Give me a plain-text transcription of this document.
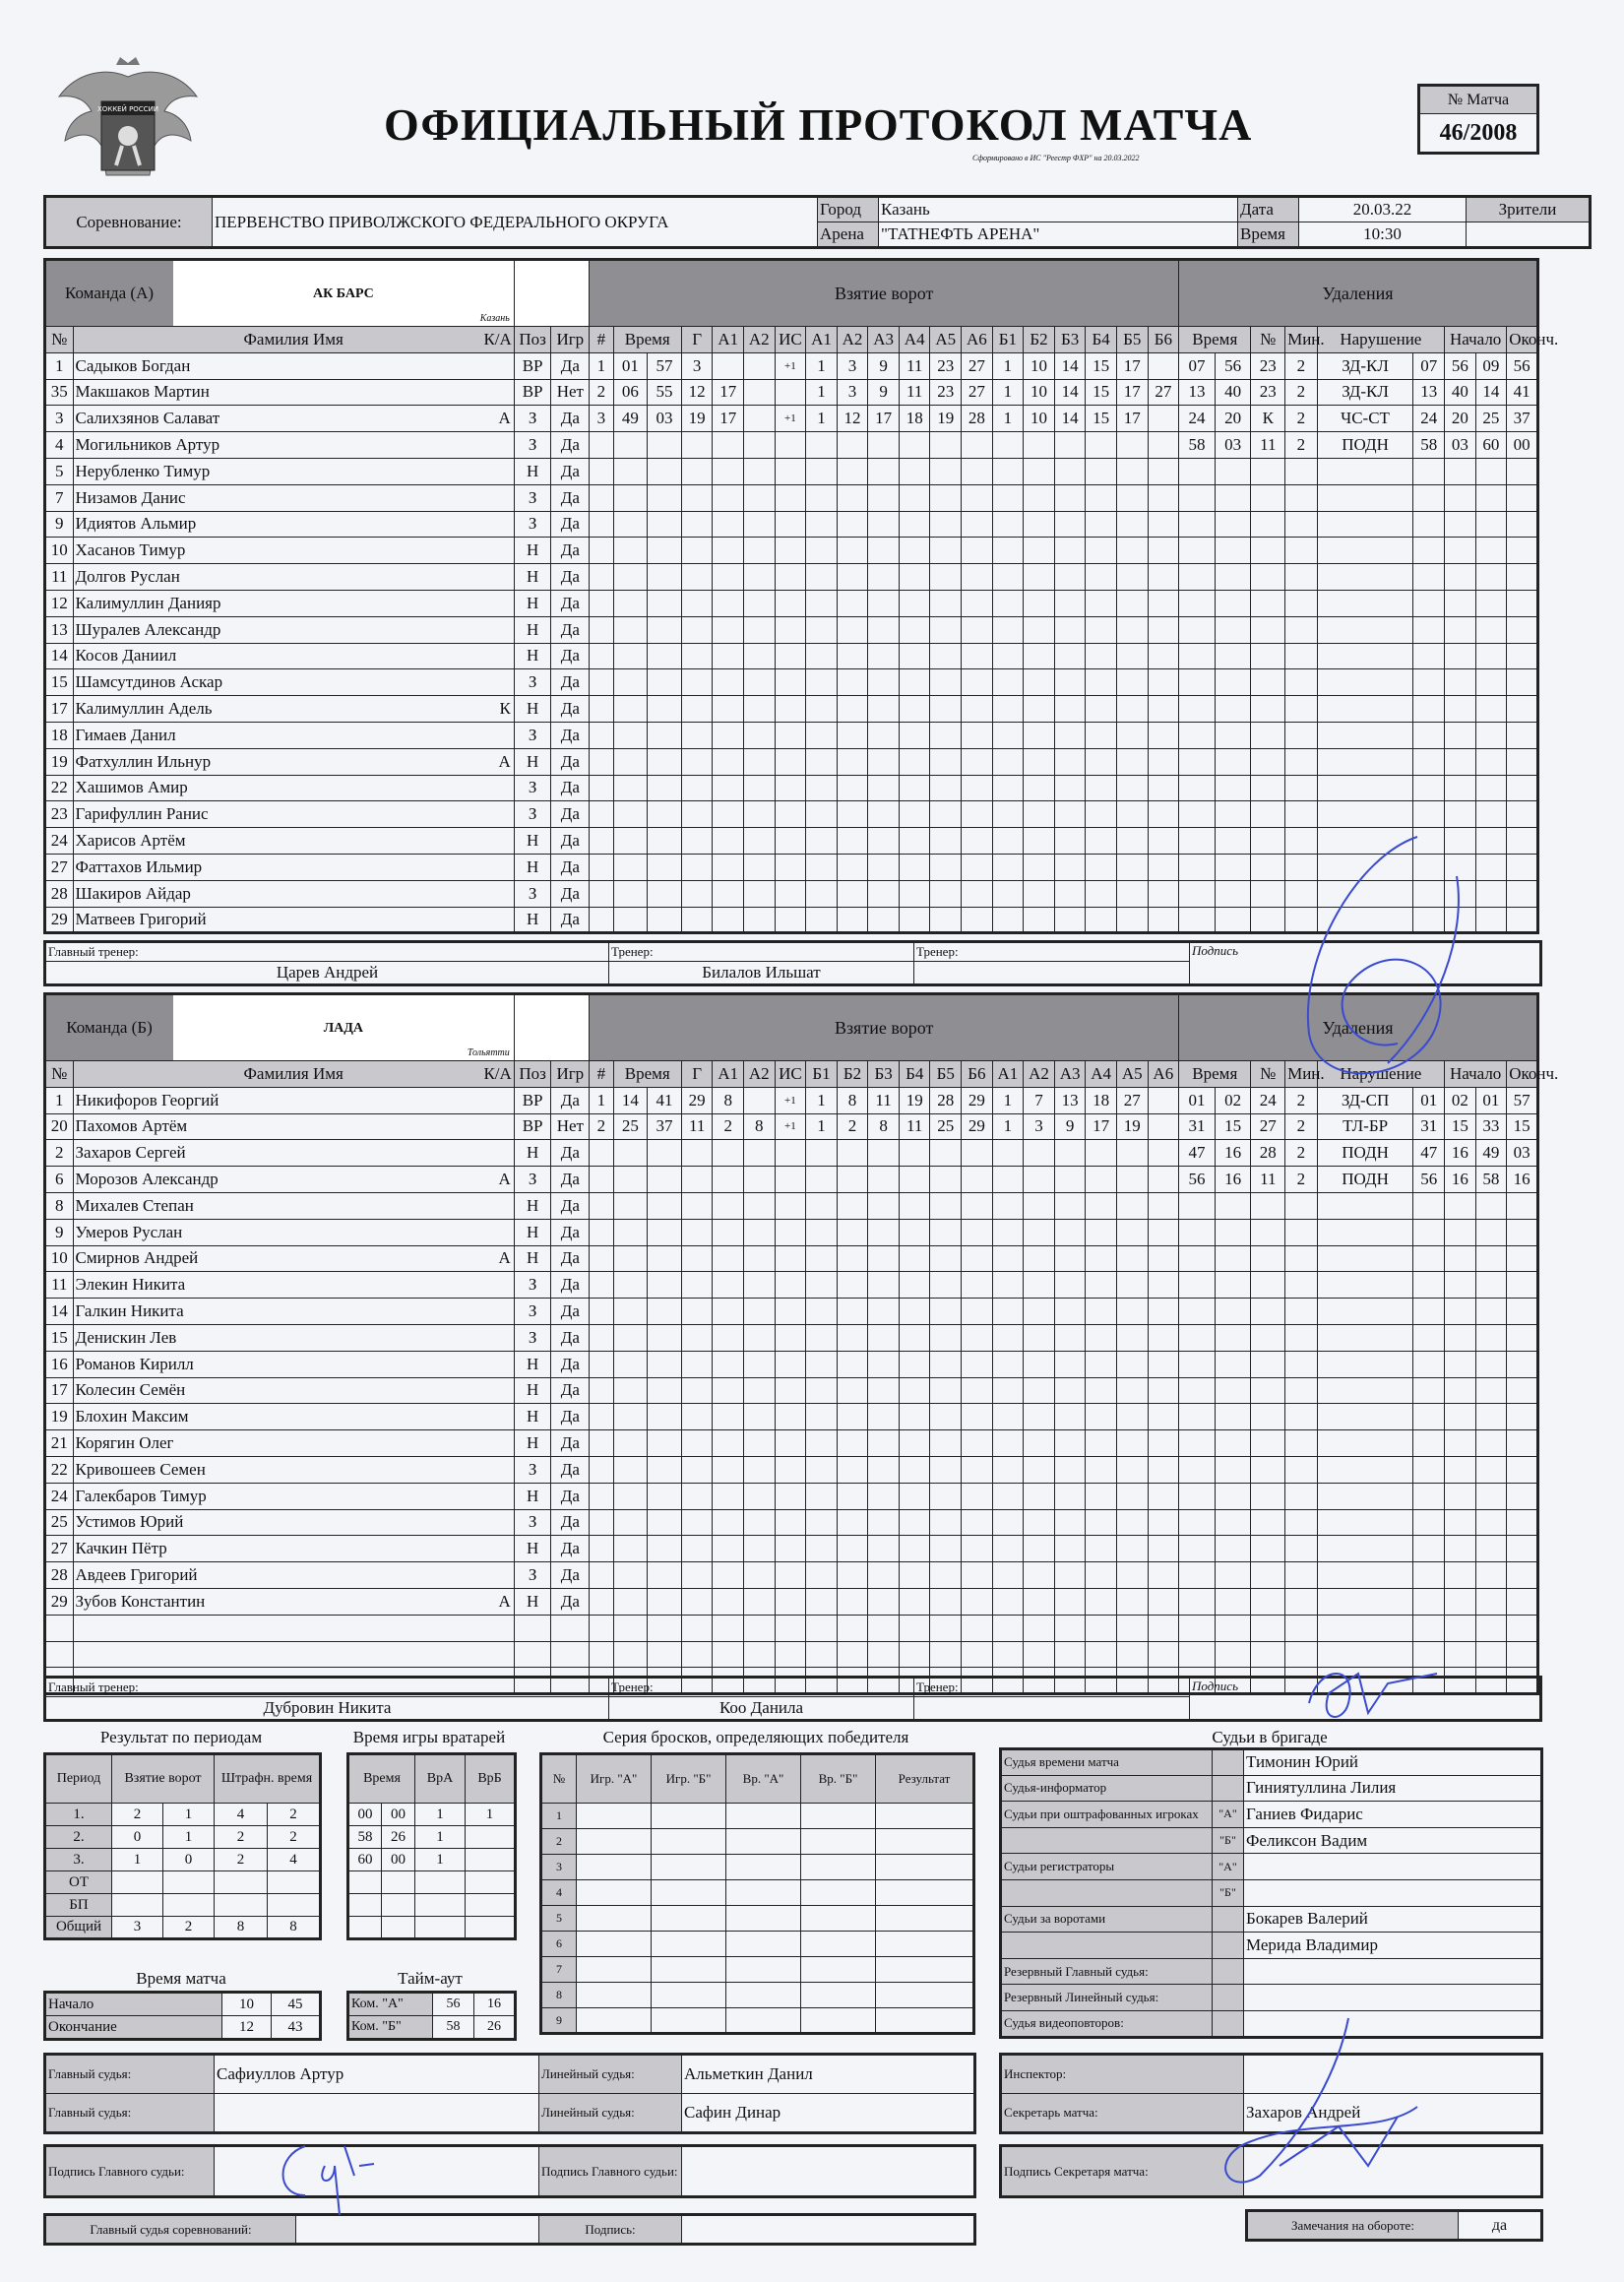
ХОККЕЙ РОССИИ	ОФИЦИАЛЬНЫЙ ПРОТОКОЛ МАТЧА
Сформировано в ИС "Реестр ФХР" на 20.03.2022
№ Матча
46/2008
Соревнование:	ПЕРВЕНСТВО ПРИВОЛЖСКОГО ФЕДЕРАЛЬНОГО ОКРУГА	Город	Казань	Дата	20.03.22	Зрители
		Арена	"ТАТНЕФТЬ АРЕНА"	Время	10:30	

Команда (А) АК БАРС
Казань			Взятие ворот																			Удаления								
№	Фамилия Имя К/А	Поз	Игр	#	Время		Г	А1	А2	ИС	А1	А2	А3	А4	А5	А6	Б1	Б2	Б3	Б4	Б5	Б6	Время		№	Мин.	Нарушение		Начало		Оконч.
1	Садыков Богдан	ВР	Да	1	01	57	3			+1	1	3	9	11	23	27	1	10	14	15	17		07	56	23	2	ЗД-КЛ	07	56	09	56
35	Макшаков Мартин	ВР	Нет	2	06	55	12	17			1	3	9	11	23	27	1	10	14	15	17	27	13	40	23	2	ЗД-КЛ	13	40	14	41
3	Салихзянов Салават А	З	Да	3	49	03	19	17		+1	1	12	17	18	19	28	1	10	14	15	17		24	20	К	2	ЧС-СТ	24	20	25	37
4	Могильников Артур	З	Да																				58	03	11	2	ПОДН	58	03	60	00
5	Нерубленко Тимур	Н	Да																												
7	Низамов Данис	З	Да																												
9	Идиятов Альмир	З	Да																												
10	Хасанов Тимур	Н	Да																												
11	Долгов Руслан	Н	Да																												
12	Калимуллин Данияр	Н	Да																												
13	Шуралев Александр	Н	Да																												
14	Косов Даниил	Н	Да																												
15	Шамсутдинов Аскар	З	Да																												
17	Калимуллин Адель К	Н	Да																												
18	Гимаев Данил	З	Да																												
19	Фатхуллин Ильнур А	Н	Да																												
22	Хашимов Амир	З	Да																												
23	Гарифуллин Ранис	З	Да																												
24	Харисов Артём	Н	Да																												
27	Фаттахов Ильмир	Н	Да																												
28	Шакиров Айдар	З	Да																												
29	Матвеев Григорий	Н	Да																												
Главный тренер:	Тренер:	Тренер:	Подпись
Царев Андрей	Билалов Ильшат		

Команда (Б) ЛАДА
Тольятти			Взятие ворот																			Удаления								
№	Фамилия Имя К/А	Поз	Игр	#	Время		Г	А1	А2	ИС	Б1	Б2	Б3	Б4	Б5	Б6	А1	А2	А3	А4	А5	А6	Время		№	Мин.	Нарушение		Начало		Оконч.
1	Никифоров Георгий	ВР	Да	1	14	41	29	8		+1	1	8	11	19	28	29	1	7	13	18	27		01	02	24	2	ЗД-СП	01	02	01	57
20	Пахомов Артём	ВР	Нет	2	25	37	11	2	8	+1	1	2	8	11	25	29	1	3	9	17	19		31	15	27	2	ТЛ-БР	31	15	33	15
2	Захаров Сергей	Н	Да																				47	16	28	2	ПОДН	47	16	49	03
6	Морозов Александр А	З	Да																				56	16	11	2	ПОДН	56	16	58	16
8	Михалев Степан	Н	Да																												
9	Умеров Руслан	Н	Да																												
10	Смирнов Андрей А	Н	Да																												
11	Элекин Никита	З	Да																												
14	Галкин Никита	З	Да																												
15	Денискин Лев	З	Да																												
16	Романов Кирилл	Н	Да																												
17	Колесин Семён	Н	Да																												
19	Блохин Максим	Н	Да																												
21	Корягин Олег	Н	Да																												
22	Кривошеев Семен	З	Да																												
24	Галекбаров Тимур	Н	Да																												
25	Устимов Юрий	З	Да																												
27	Качкин Пётр	Н	Да																												
28	Авдеев Григорий	З	Да																												
29	Зубов Константин А	Н	Да																												

Главный тренер:	Тренер:	Тренер:	Подпись
Дубровин Никита	Коо Данила		
Результат по периодам
Период	Взятие ворот		Штрафн. время	
1.	2	1	4	2
2.	0	1	2	2
3.	1	0	2	4
ОТ				
БП				
Общий	3	2	8	8
Время игры вратарей
Время		ВрА	ВрБ
00	00	1	1
58	26	1	
60	00	1	

Время матча
Начало	10	45
Окончание	12	43
Тайм-аут
Ком. "А"	56	16
Ком. "Б"	58	26
Серия бросков, определяющих победителя
№	Игр. "А"	Игр. "Б"	Вр. "А"	Вр. "Б"	Результат
1					
2					
3					
4					
5					
6					
7					
8					
9					
Судьи в бригаде
Судья времени матча		Тимонин Юрий
Судья-информатор		Гиниятуллина Лилия
Судьи при оштрафованных игроках	"А"	Ганиев Фидарис
	"Б"	Феликсон Вадим
Судьи регистраторы	"А"	
	"Б"	
Судьи за воротами		Бокарев Валерий
		Мерида Владимир
Резервный Главный судья:		
Резервный Линейный судья:		
Судья видеоповторов:		
Главный судья:	Сафиуллов Артур	Линейный судья:	Альметкин Данил
Главный судья:		Линейный судья:	Сафин Динар
Инспектор:	
Секретарь матча:	Захаров Андрей
Подпись Главного судьи:		Подпись Главного судьи:		Подпись Секретаря матча:	
Главный судья соревнований:		Подпись:		Замечания на обороте:	да
